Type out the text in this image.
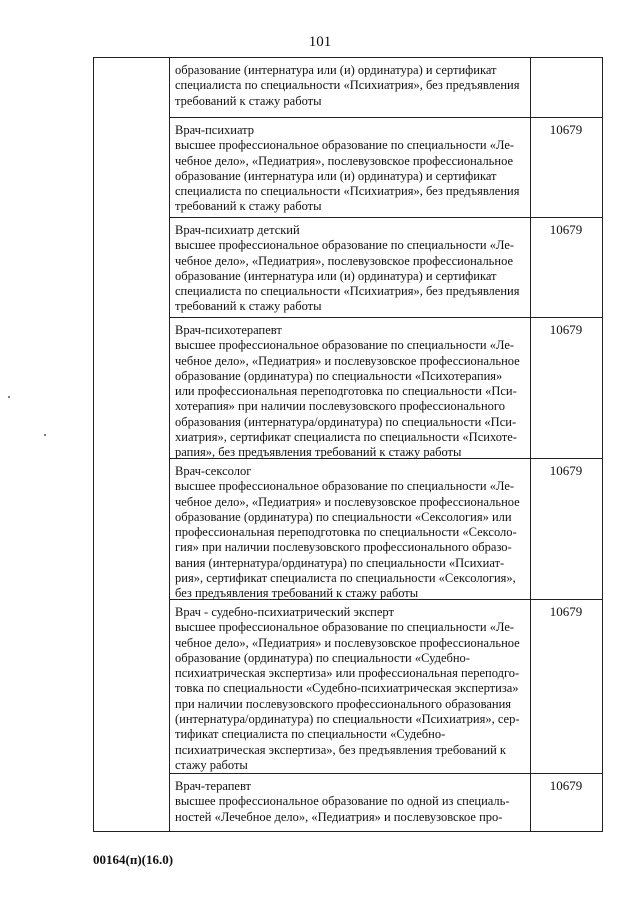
101

образование (интернатура или (и) ординатура) и сертификат

специалиста по специальности «Психиатрия», без предъявления

требований к стажу работы

Врач-психиатр

высшее профессиональное образование по специальности «Ле-

чебное дело», «Педиатрия», послевузовское профессиональное

образование (интернатура или (и) ординатура) и сертификат

специалиста по специальности «Психиатрия», без предъявления

требований к стажу работы

10679

Врач-психиатр детский

высшее профессиональное образование по специальности «Ле-

чебное дело», «Педиатрия», послевузовское профессиональное

образование (интернатура или (и) ординатура) и сертификат

специалиста по специальности «Психиатрия», без предъявления

требований к стажу работы

10679

Врач-психотерапевт

высшее профессиональное образование по специальности «Ле-

чебное дело», «Педиатрия» и послевузовское профессиональное

образование (ординатура) по специальности «Психотерапия»

или профессиональная переподготовка по специальности «Пси-

хотерапия» при наличии послевузовского профессионального

образования (интернатура/ординатура) по специальности «Пси-

хиатрия», сертификат специалиста по специальности «Психоте-

рапия», без предъявления требований к стажу работы

10679

Врач-сексолог

высшее профессиональное образование по специальности «Ле-

чебное дело», «Педиатрия» и послевузовское профессиональное

образование (ординатура) по специальности «Сексология» или

профессиональная переподготовка по специальности «Сексоло-

гия» при наличии послевузовского профессионального образо-

вания (интернатура/ординатура) по специальности «Психиат-

рия», сертификат специалиста по специальности «Сексология»,

без предъявления требований к стажу работы

10679

Врач - судебно-психиатрический эксперт

высшее профессиональное образование по специальности «Ле-

чебное дело», «Педиатрия» и послевузовское профессиональное

образование (ординатура) по специальности «Судебно-

психиатрическая экспертиза» или профессиональная переподго-

товка по специальности «Судебно-психиатрическая экспертиза»

при наличии послевузовского профессионального образования

(интернатура/ординатура) по специальности «Психиатрия», сер-

тификат специалиста по специальности «Судебно-

психиатрическая экспертиза», без предъявления требований к

стажу работы

10679

Врач-терапевт

высшее профессиональное образование по одной из специаль-

ностей «Лечебное дело», «Педиатрия» и послевузовское про-

10679
00164(п)(16.0)
